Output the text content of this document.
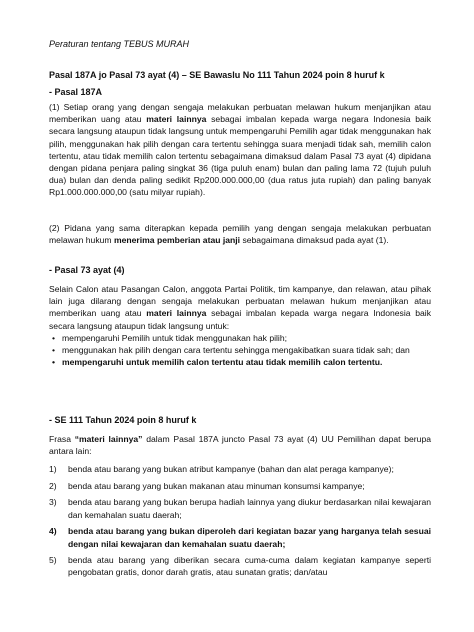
Peraturan tentang TEBUS MURAH
Pasal 187A jo Pasal 73 ayat (4) – SE Bawaslu No 111 Tahun 2024 poin 8 huruf k
- Pasal 187A
(1) Setiap orang yang dengan sengaja melakukan perbuatan melawan hukum menjanjikan atau memberikan uang atau materi lainnya sebagai imbalan kepada warga negara Indonesia baik secara langsung ataupun tidak langsung untuk mempengaruhi Pemilih agar tidak menggunakan hak pilih, menggunakan hak pilih dengan cara tertentu sehingga suara menjadi tidak sah, memilih calon tertentu, atau tidak memilih calon tertentu sebagaimana dimaksud dalam Pasal 73 ayat (4) dipidana dengan pidana penjara paling singkat 36 (tiga puluh enam) bulan dan paling lama 72 (tujuh puluh dua) bulan dan denda paling sedikit Rp200.000.000,00 (dua ratus juta rupiah) dan paling banyak Rp1.000.000.000,00 (satu milyar rupiah).
(2) Pidana yang sama diterapkan kepada pemilih yang dengan sengaja melakukan perbuatan melawan hukum menerima pemberian atau janji sebagaimana dimaksud pada ayat (1).
- Pasal 73 ayat (4)
Selain Calon atau Pasangan Calon, anggota Partai Politik, tim kampanye, dan relawan, atau pihak lain juga dilarang dengan sengaja melakukan perbuatan melawan hukum menjanjikan atau memberikan uang atau materi lainnya sebagai imbalan kepada warga negara Indonesia baik secara langsung ataupun tidak langsung untuk:
• mempengaruhi Pemilih untuk tidak menggunakan hak pilih;
• menggunakan hak pilih dengan cara tertentu sehingga mengakibatkan suara tidak sah; dan
• mempengaruhi untuk memilih calon tertentu atau tidak memilih calon tertentu.
- SE 111 Tahun 2024 poin 8 huruf k
Frasa “materi lainnya” dalam Pasal 187A juncto Pasal 73 ayat (4) UU Pemilihan dapat berupa antara lain:
1) benda atau barang yang bukan atribut kampanye (bahan dan alat peraga kampanye);
2) benda atau barang yang bukan makanan atau minuman konsumsi kampanye;
3) benda atau barang yang bukan berupa hadiah lainnya yang diukur berdasarkan nilai kewajaran dan kemahalan suatu daerah;
4) benda atau barang yang bukan diperoleh dari kegiatan bazar yang harganya telah sesuai dengan nilai kewajaran dan kemahalan suatu daerah;
5) benda atau barang yang diberikan secara cuma-cuma dalam kegiatan kampanye seperti pengobatan gratis, donor darah gratis, atau sunatan gratis; dan/atau
